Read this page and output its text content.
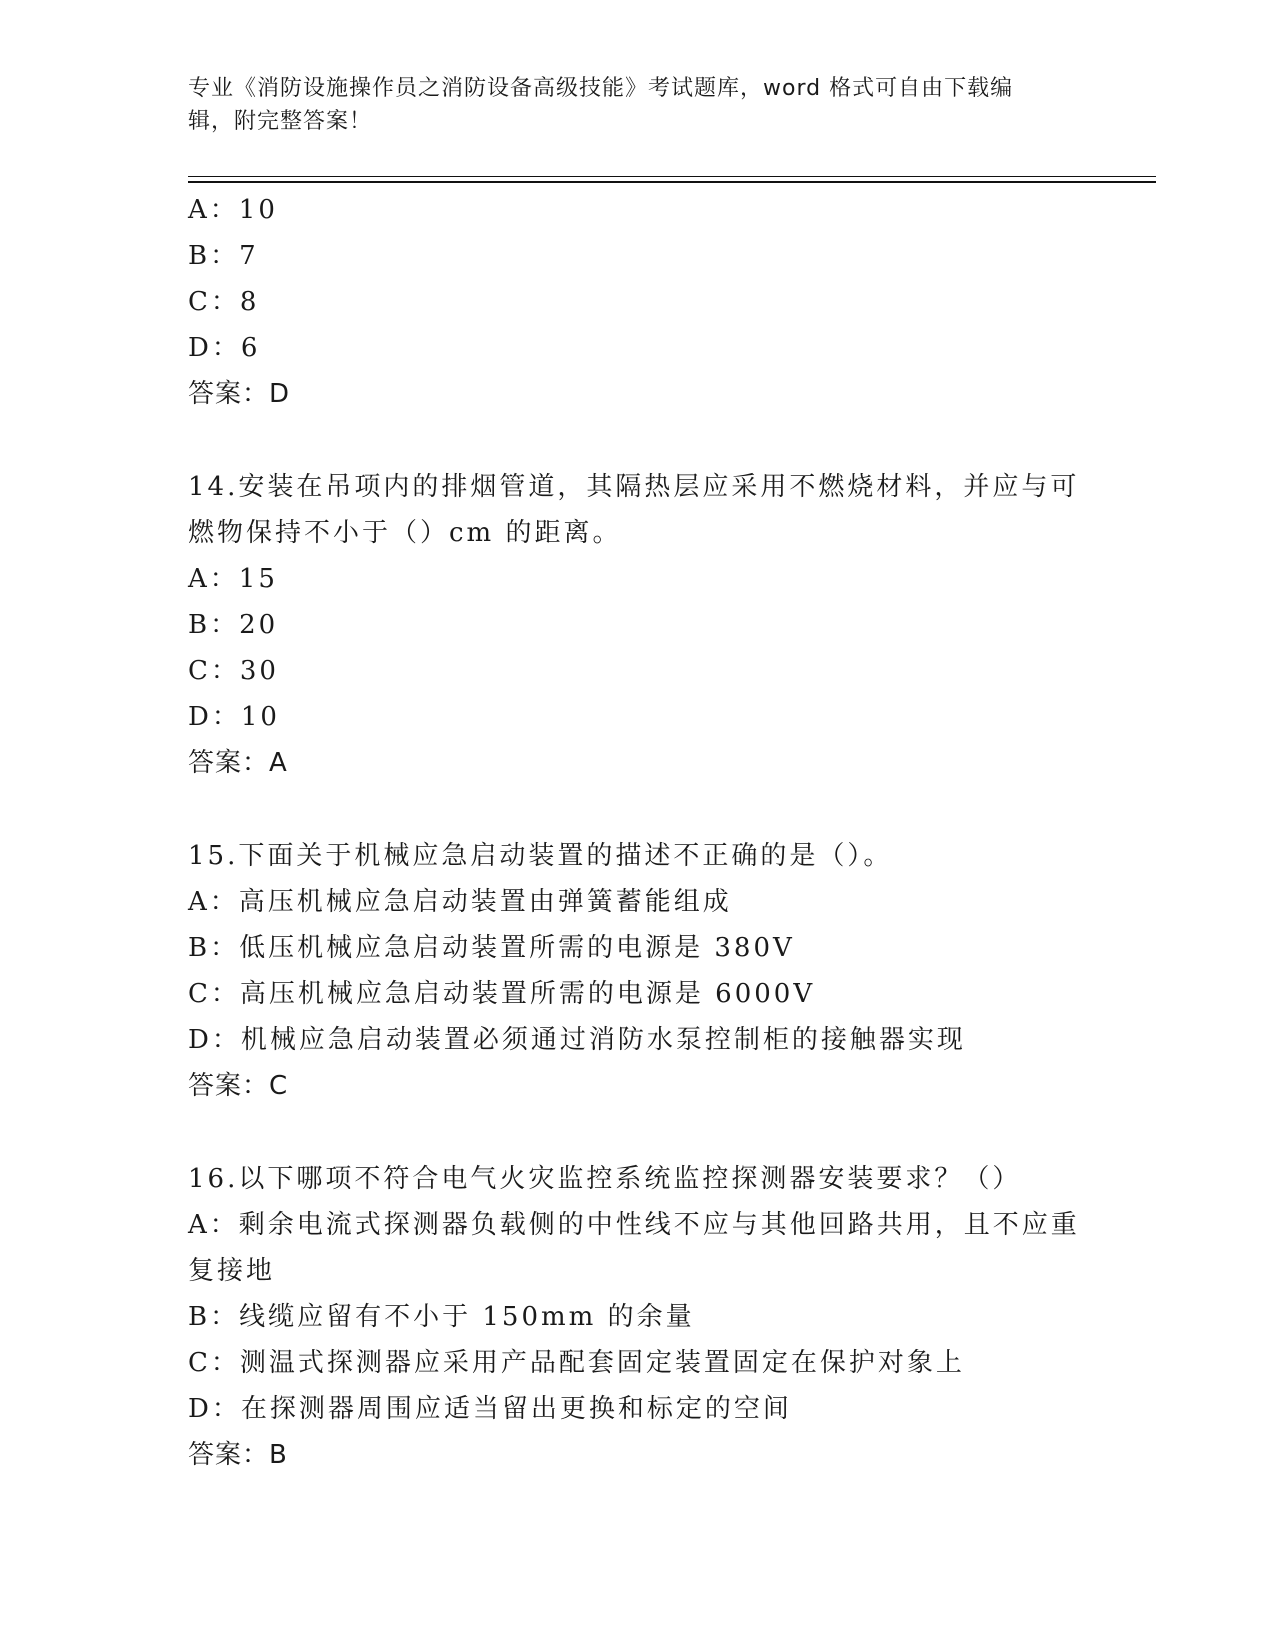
专业《消防设施操作员之消防设备高级技能》考试题库，word 格式可自由下载编
辑，附完整答案！
A：10
B：7
C：8
D：6
答案：D
14.安装在吊项内的排烟管道，其隔热层应采用不燃烧材料，并应与可
燃物保持不小于（）cm 的距离。
A：15
B：20
C：30
D：10
答案：A
15.下面关于机械应急启动装置的描述不正确的是（）。
A：高压机械应急启动装置由弹簧蓄能组成
B：低压机械应急启动装置所需的电源是 380V
C：高压机械应急启动装置所需的电源是 6000V
D：机械应急启动装置必须通过消防水泵控制柜的接触器实现
答案：C
16.以下哪项不符合电气火灾监控系统监控探测器安装要求？（）
A：剩余电流式探测器负载侧的中性线不应与其他回路共用，且不应重
复接地
B：线缆应留有不小于 150mm 的余量
C：测温式探测器应采用产品配套固定装置固定在保护对象上
D：在探测器周围应适当留出更换和标定的空间
答案：B
